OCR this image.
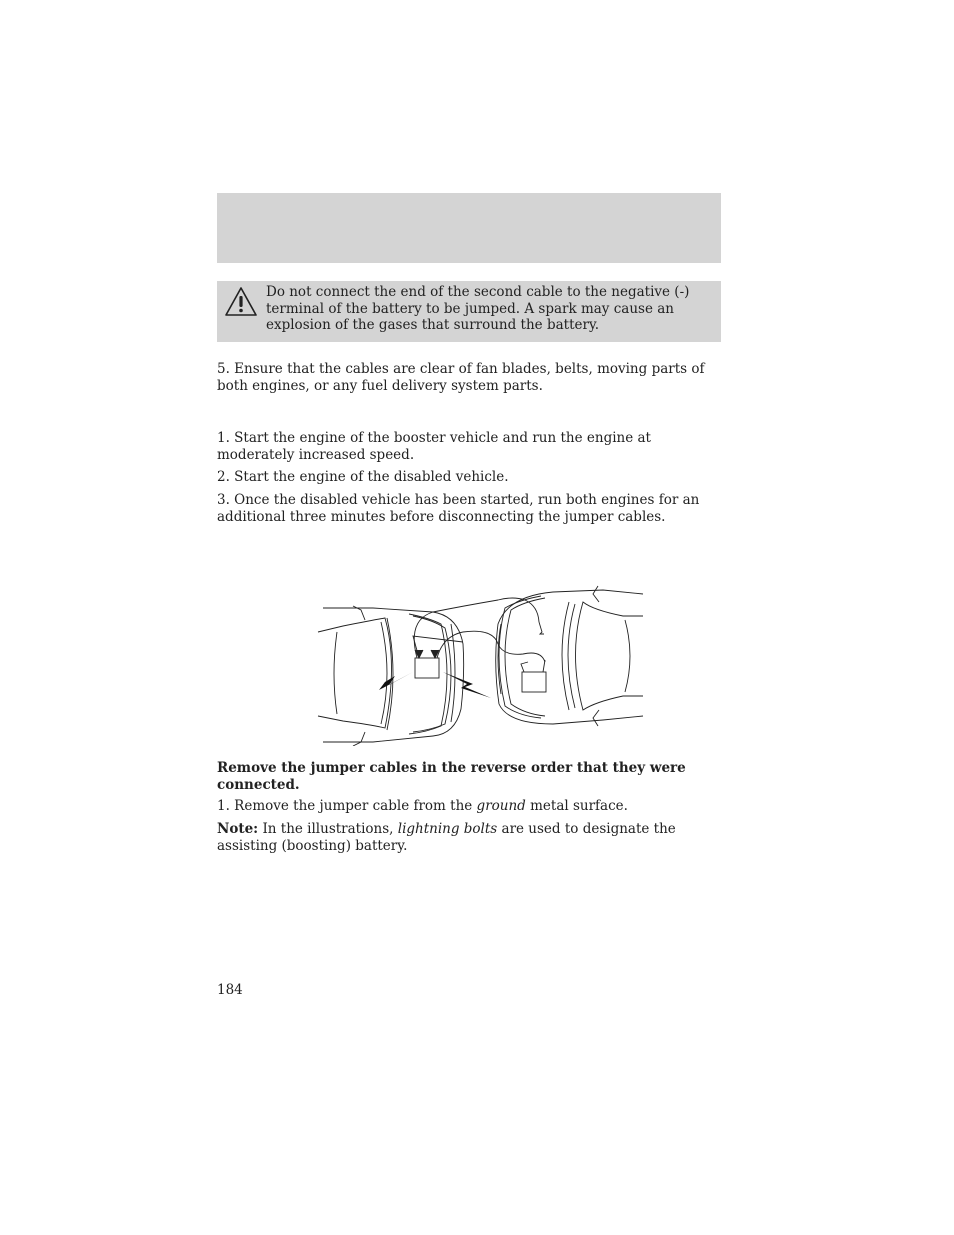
Do not connect the end of the second cable to the negative (-) terminal of the battery to be jumped. A spark may cause an explosion of the gases that surround the battery.

5. Ensure that the cables are clear of fan blades, belts, moving parts of both engines, or any fuel delivery system parts.

1. Start the engine of the booster vehicle and run the engine at moderately increased speed.

2. Start the engine of the disabled vehicle.

3. Once the disabled vehicle has been started, run both engines for an additional three minutes before disconnecting the jumper cables.

Remove the jumper cables in the reverse order that they were connected.

1. Remove the jumper cable from the ground metal surface.

Note: In the illustrations, lightning bolts are used to designate the assisting (boosting) battery.

184
